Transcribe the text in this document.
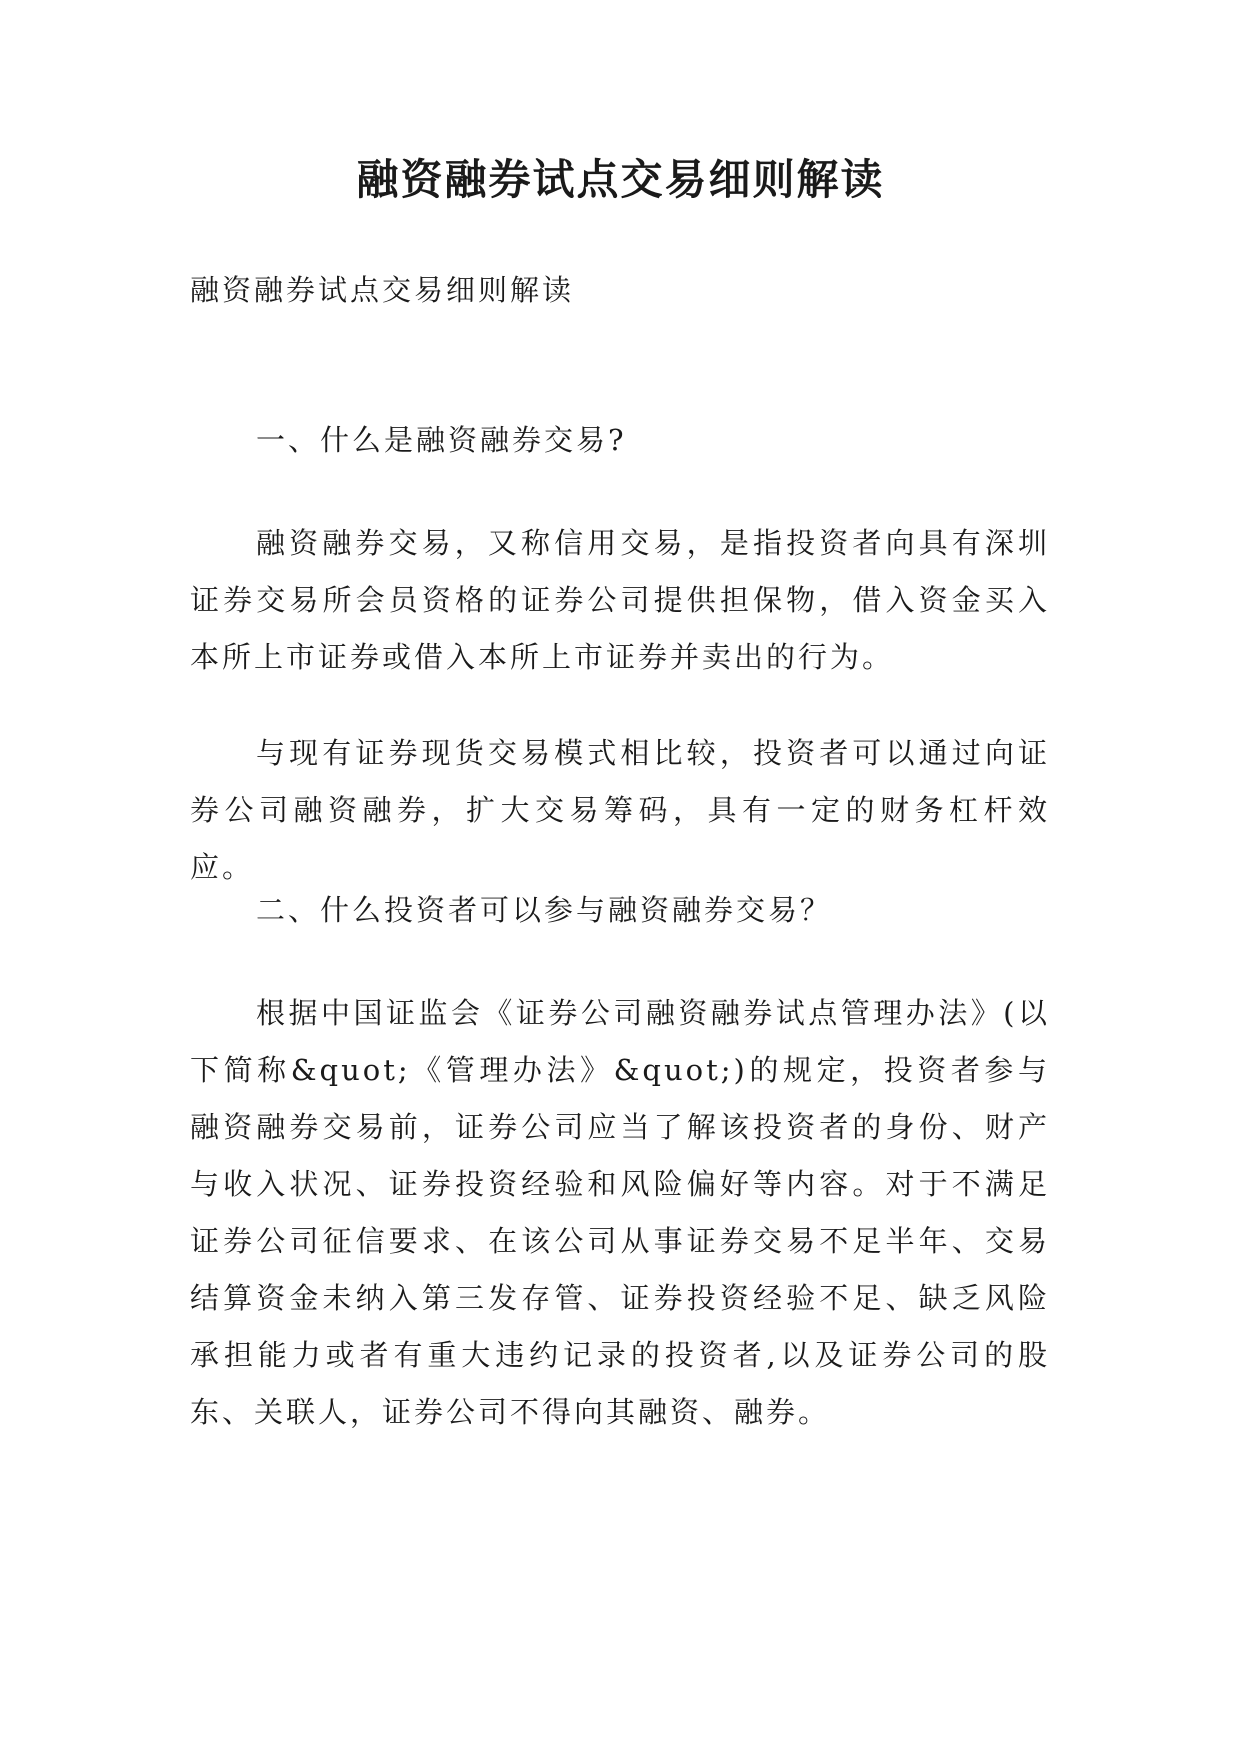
融资融券试点交易细则解读

融资融券试点交易细则解读

一、什么是融资融券交易?

融资融券交易，又称信用交易，是指投资者向具有深圳证券交易所会员资格的证券公司提供担保物，借入资金买入本所上市证券或借入本所上市证券并卖出的行为。

与现有证券现货交易模式相比较，投资者可以通过向证券公司融资融券，扩大交易筹码，具有一定的财务杠杆效应。

二、什么投资者可以参与融资融券交易？

根据中国证监会《证券公司融资融券试点管理办法》(以下简称&quot;《管理办法》&quot;)的规定，投资者参与融资融券交易前，证券公司应当了解该投资者的身份、财产与收入状况、证券投资经验和风险偏好等内容。对于不满足证券公司征信要求、在该公司从事证券交易不足半年、交易结算资金未纳入第三发存管、证券投资经验不足、缺乏风险承担能力或者有重大违约记录的投资者,以及证券公司的股东、关联人，证券公司不得向其融资、融券。
